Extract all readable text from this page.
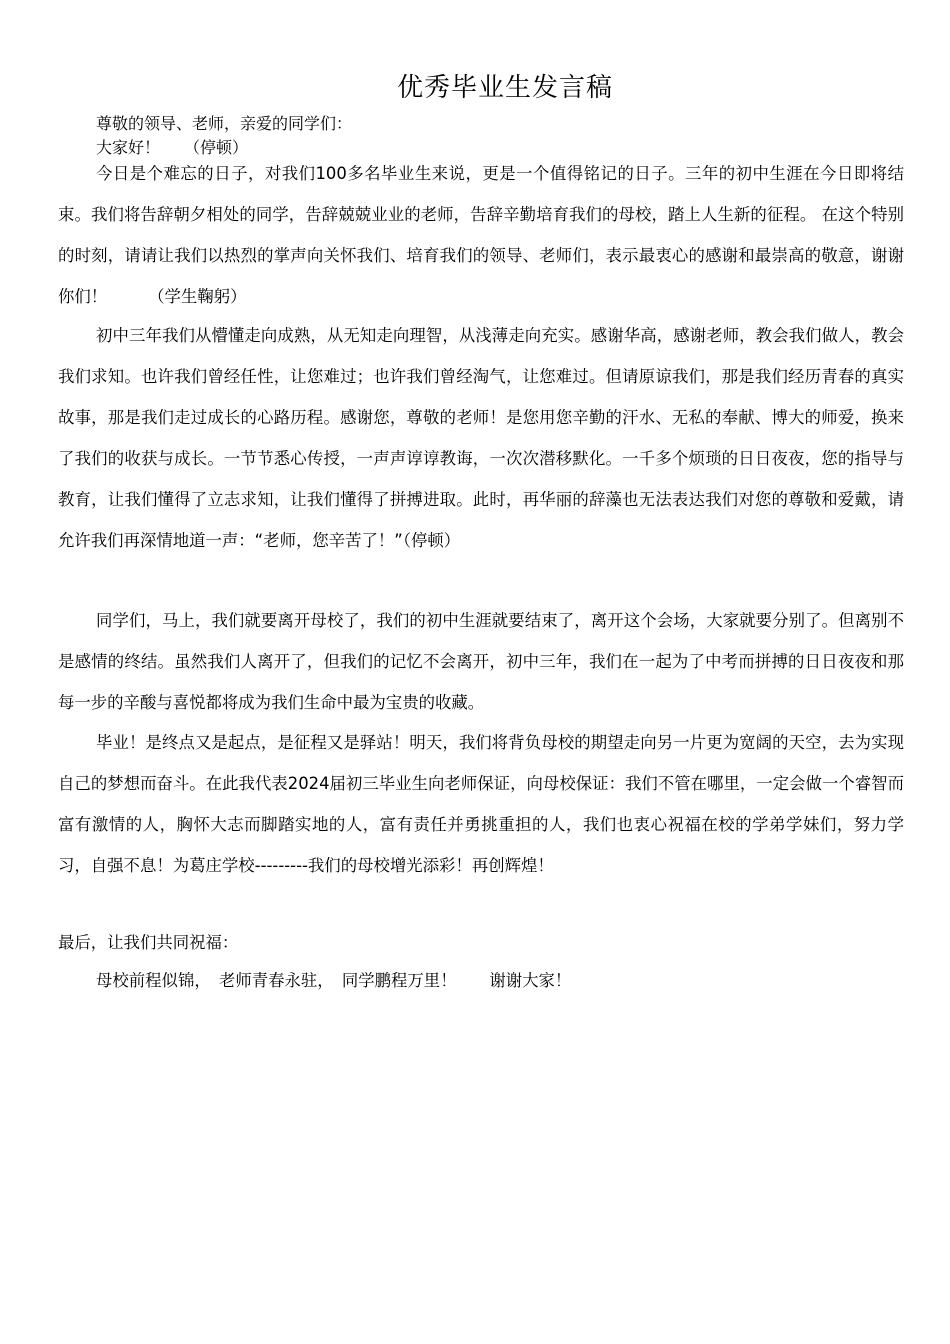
优秀毕业生发言稿

尊敬的领导、老师，亲爱的同学们：

大家好！　　（停顿）

今日是个难忘的日子，对我们100多名毕业生来说，更是一个值得铭记的日子。三年的初中生涯在今日即将结束。我们将告辞朝夕相处的同学，告辞兢兢业业的老师，告辞辛勤培育我们的母校，踏上人生新的征程。 在这个特别的时刻，请请让我们以热烈的掌声向关怀我们、培育我们的领导、老师们，表示最衷心的感谢和最崇高的敬意，谢谢你们！　　　（学生鞠躬）

初中三年我们从懵懂走向成熟，从无知走向理智，从浅薄走向充实。感谢华高，感谢老师，教会我们做人，教会我们求知。也许我们曾经任性，让您难过；也许我们曾经淘气，让您难过。但请原谅我们，那是我们经历青春的真实故事，那是我们走过成长的心路历程。感谢您，尊敬的老师！是您用您辛勤的汗水、无私的奉献、博大的师爱，换来了我们的收获与成长。一节节悉心传授，一声声谆谆教诲，一次次潜移默化。一千多个烦琐的日日夜夜，您的指导与教育，让我们懂得了立志求知，让我们懂得了拼搏进取。此时，再华丽的辞藻也无法表达我们对您的尊敬和爱戴，请允许我们再深情地道一声：“老师，您辛苦了！”（停顿）

同学们，马上，我们就要离开母校了，我们的初中生涯就要结束了，离开这个会场，大家就要分别了。但离别不是感情的终结。虽然我们人离开了，但我们的记忆不会离开，初中三年，我们在一起为了中考而拼搏的日日夜夜和那每一步的辛酸与喜悦都将成为我们生命中最为宝贵的收藏。

毕业！是终点又是起点，是征程又是驿站！明天，我们将背负母校的期望走向另一片更为宽阔的天空，去为实现自己的梦想而奋斗。在此我代表2024届初三毕业生向老师保证，向母校保证：我们不管在哪里，一定会做一个睿智而富有激情的人，胸怀大志而脚踏实地的人，富有责任并勇挑重担的人，我们也衷心祝福在校的学弟学妹们，努力学习，自强不息！为葛庄学校---------我们的母校增光添彩！再创辉煌！

最后，让我们共同祝福：

母校前程似锦，　老师青春永驻，　同学鹏程万里！　　谢谢大家！
